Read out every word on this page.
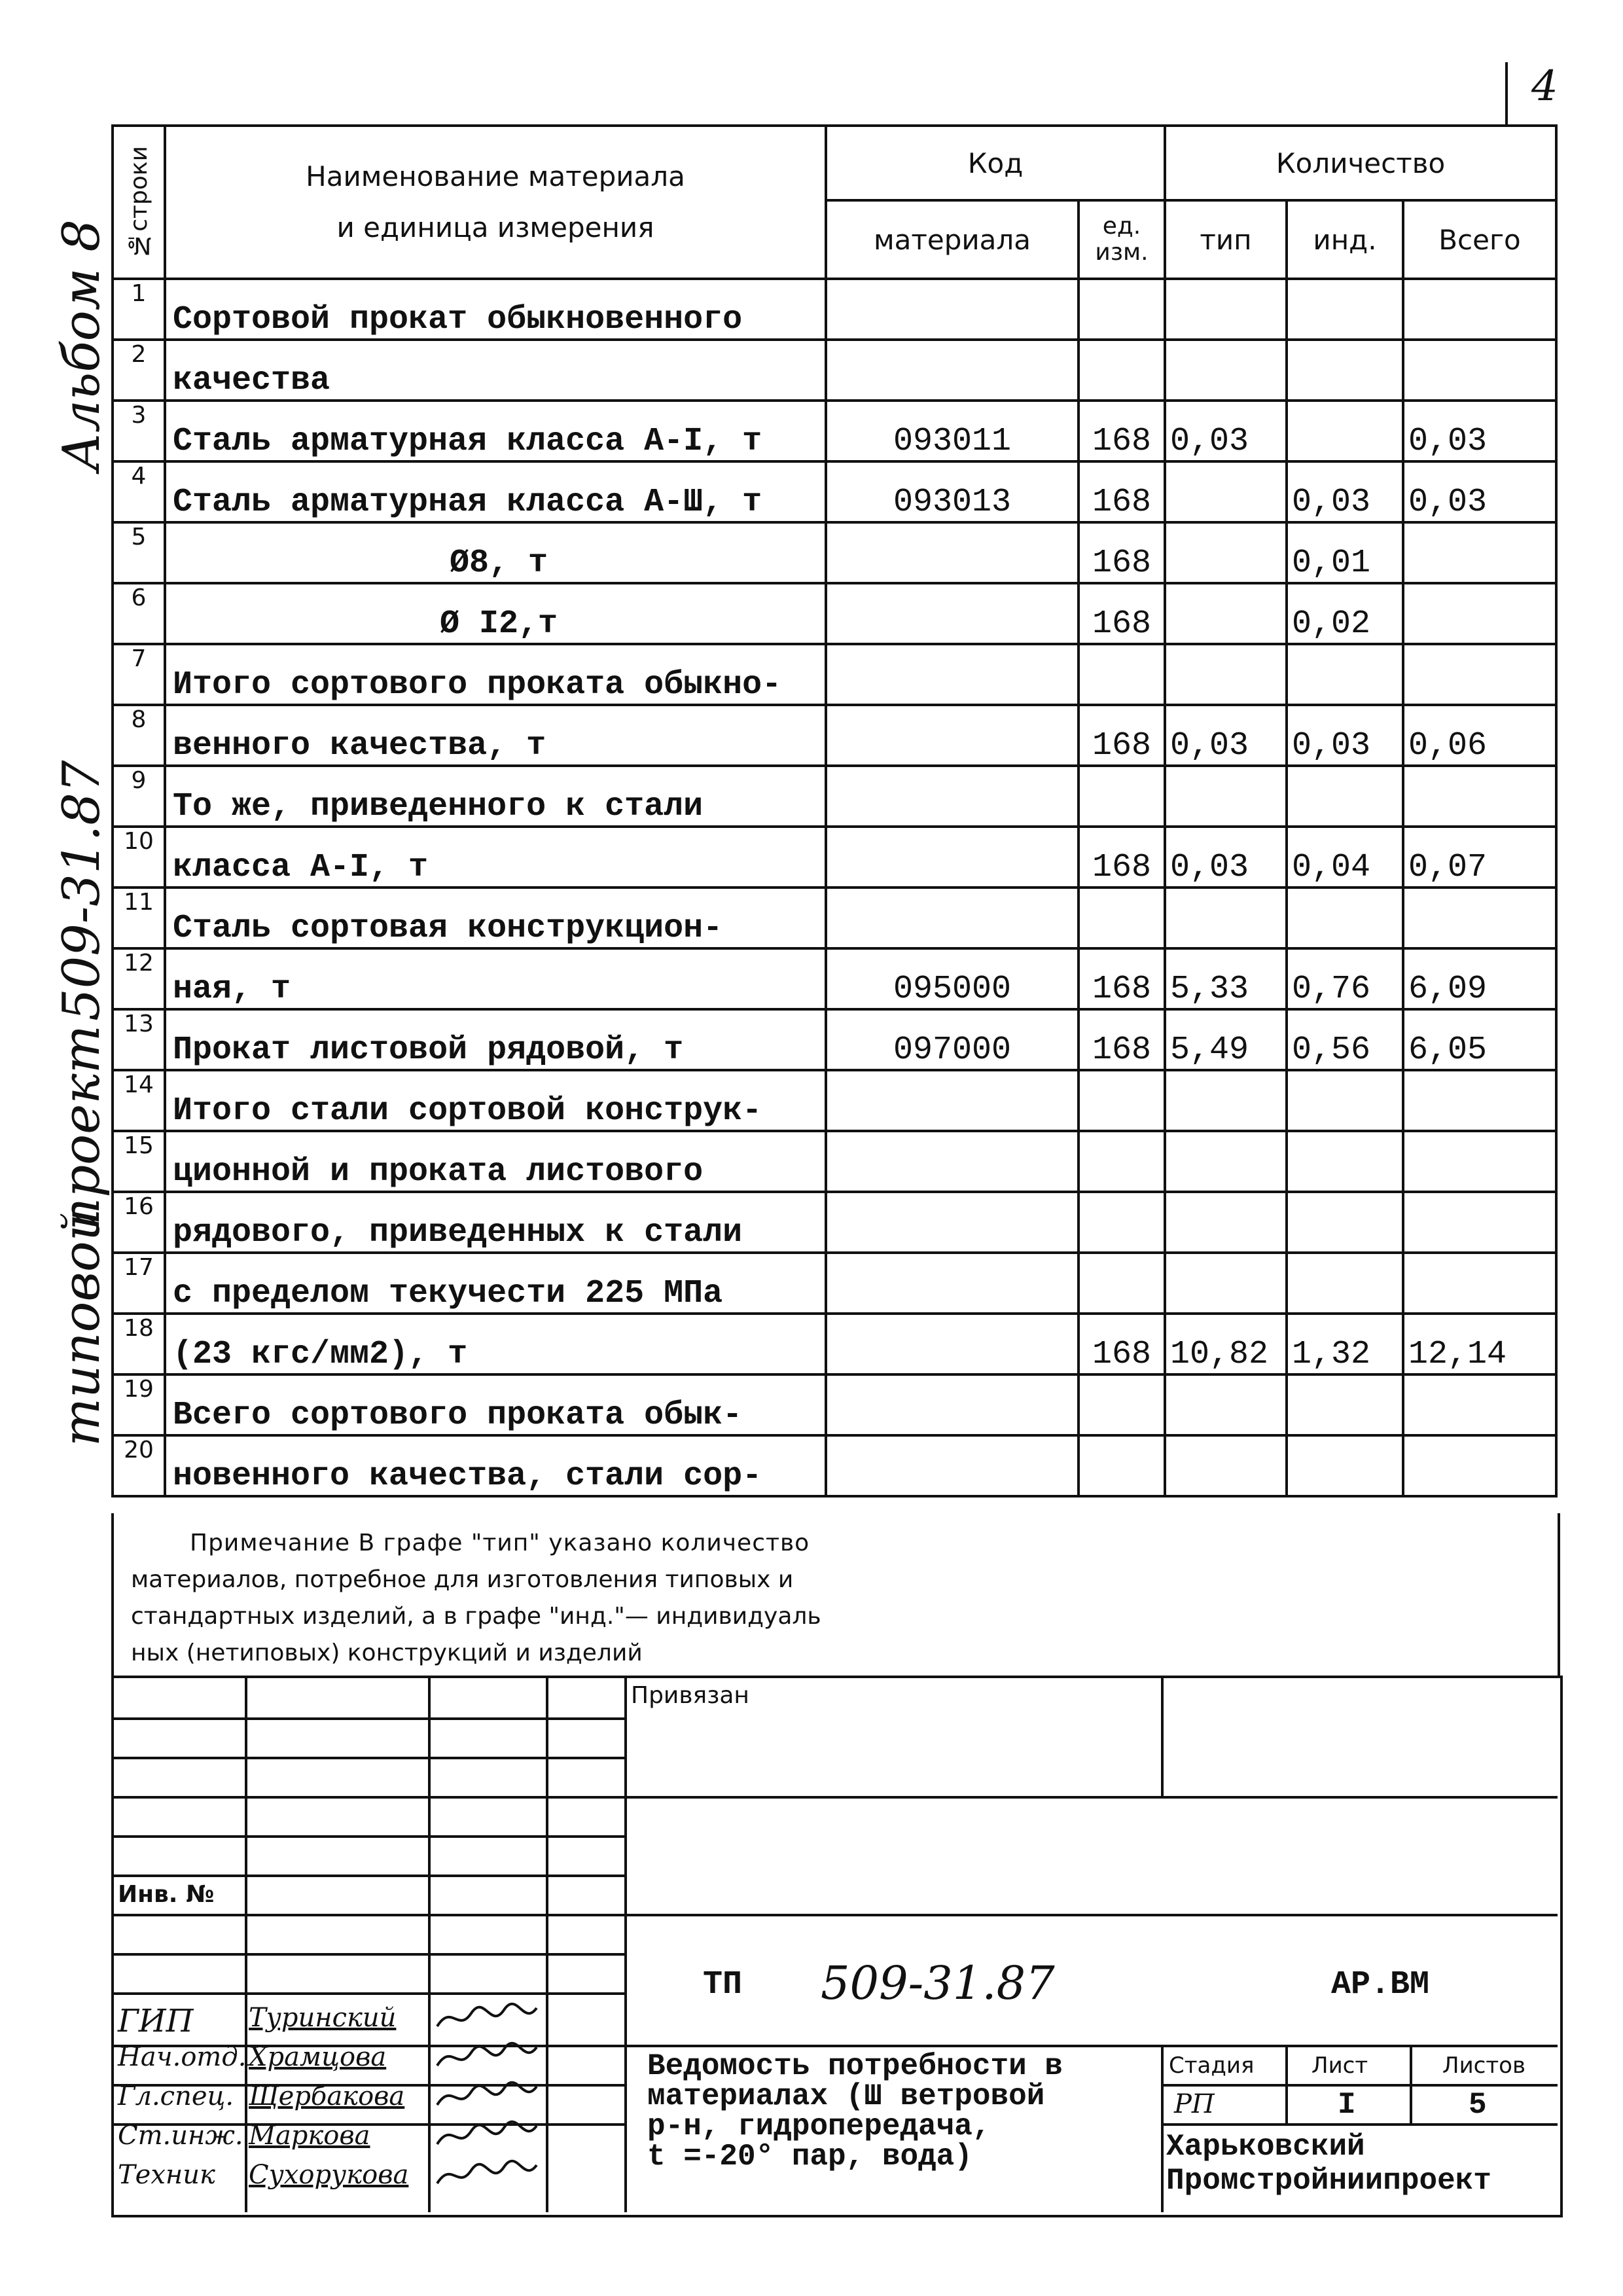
4
Альбом 8
509-31.87
проект
типовой
№строки	Наименование материала
и единица измерения	Код		Количество		
		материала	ед. изм.	тип	инд.	Всего
1	Сортовой прокат обыкновенного					
2	качества					
3	Сталь арматурная класса А-I, т	093011	168	0,03		0,03
4	Сталь арматурная класса А-Ш, т	093013	168		0,03	0,03
5	Ø8, т		168		0,01	
6	Ø I2,т		168		0,02	
7	Итого сортового проката обыкно-					
8	венного качества, т		168	0,03	0,03	0,06
9	То же, приведенного к стали					
10	класса А-I, т		168	0,03	0,04	0,07
11	Сталь сортовая конструкцион-					
12	ная, т	095000	168	5,33	0,76	6,09
13	Прокат листовой рядовой, т	097000	168	5,49	0,56	6,05
14	Итого стали сортовой конструк-					
15	ционной и проката листового					
16	рядового, приведенных к стали					
17	с пределом текучести 225 МПа					
18	(23 кгс/мм2), т		168	10,82	1,32	12,14
19	Всего сортового проката обык-					
20	новенного качества, стали сор-					
Примечание В графе "тип" указано количество
материалов, потребное для изготовления типовых и
стандартных изделий, а в графе "инд."— индивидуаль
ных (нетиповых) конструкций и изделий
Привязан
Инв. №
ТП 509-31.87	АР.ВМ
Ведомость потребности в
материалах (Ш ветровой
р-н, гидропередача,
t =-20° пар, вода)
Стадия	Лист	Листов
РП	I	5
Харьковский
Промстройниипроект
ГИП Туринский
Нач.отд. Храмцова
Гл.спец. Щербакова
Ст.инж. Маркова
Техник Сухорукова
